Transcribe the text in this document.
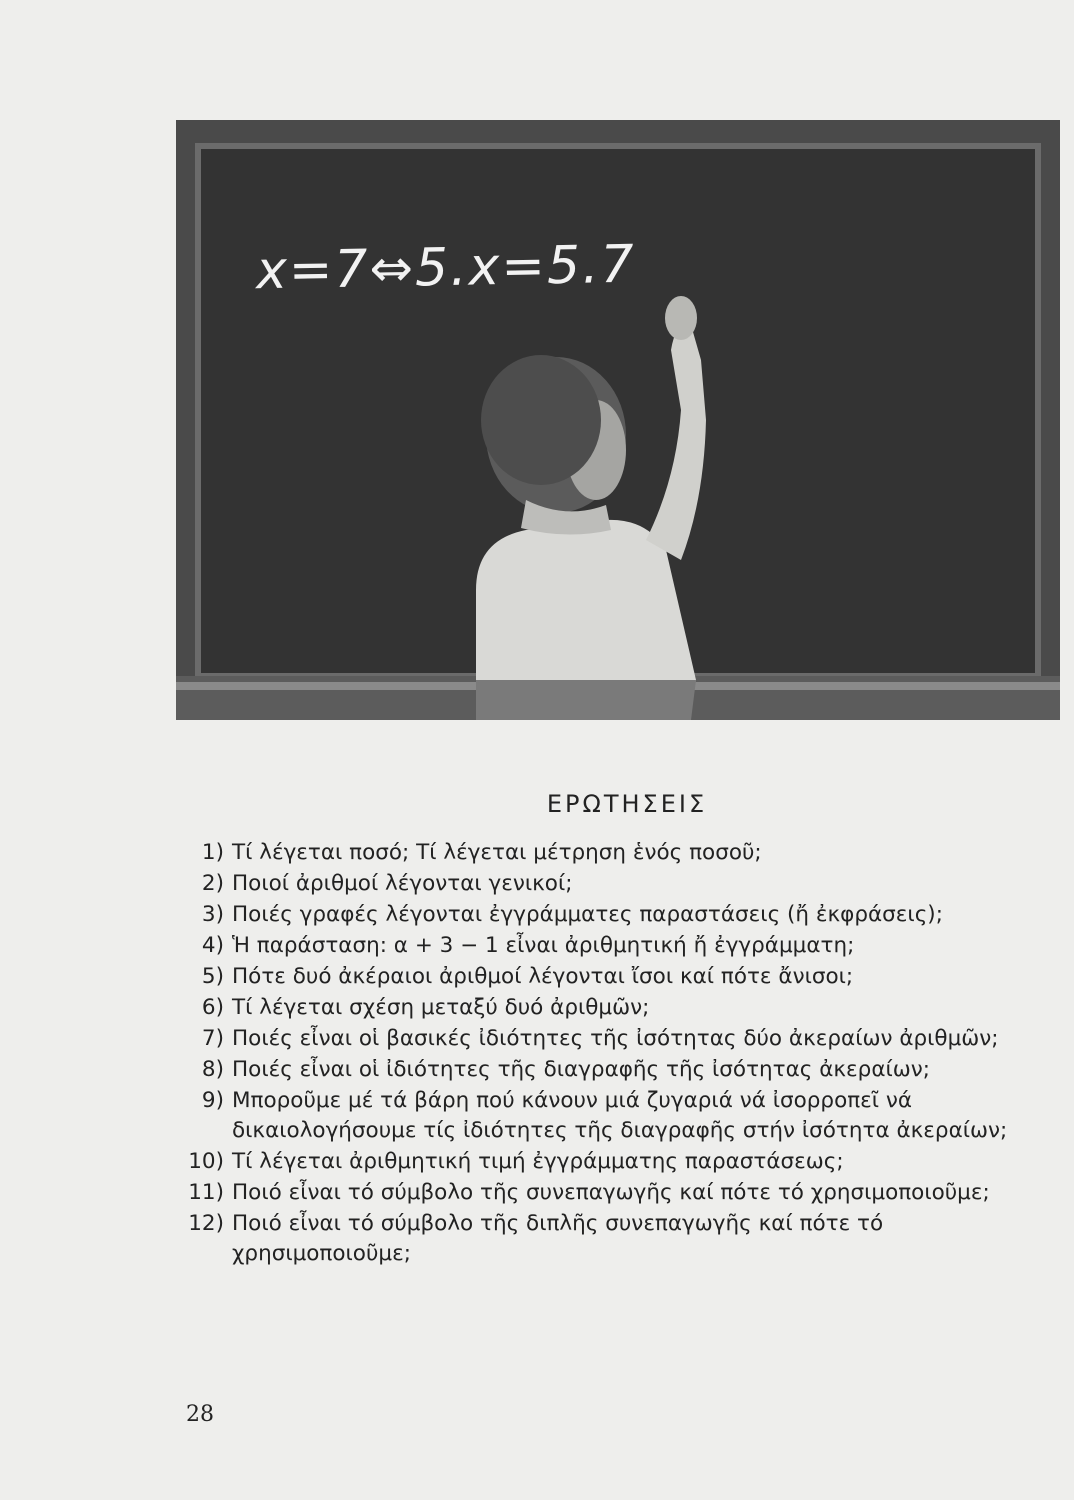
x=7⇔5.x=5.7
ΕΡΩΤΗΣΕΙΣ
1) Τί λέγεται ποσό; Τί λέγεται μέτρηση ἑνός ποσοῦ;
2) Ποιοί ἀριθμοί λέγονται γενικοί;
3) Ποιές γραφές λέγονται ἐγγράμματες παραστάσεις (ἤ ἐκφράσεις);
4) Ἡ παράσταση: α + 3 − 1 εἶναι ἀριθμητική ἤ ἐγγράμματη;
5) Πότε δυό ἀκέραιοι ἀριθμοί λέγονται ἴσοι καί πότε ἄνισοι;
6) Τί λέγεται σχέση μεταξύ δυό ἀριθμῶν;
7) Ποιές εἶναι οἱ βασικές ἰδιότητες τῆς ἰσότητας δύο ἀκεραίων ἀριθμῶν;
8) Ποιές εἶναι οἱ ἰδιότητες τῆς διαγραφῆς τῆς ἰσότητας ἀκεραίων;
9) Μποροῦμε μέ τά βάρη πού κάνουν μιά ζυγαριά νά ἰσορροπεῖ νά δικαιολογήσουμε τίς ἰδιότητες τῆς διαγραφῆς στήν ἰσότητα ἀκεραίων;
10) Τί λέγεται ἀριθμητική τιμή ἐγγράμματης παραστάσεως;
11) Ποιό εἶναι τό σύμβολο τῆς συνεπαγωγῆς καί πότε τό χρησιμοποιοῦμε;
12) Ποιό εἶναι τό σύμβολο τῆς διπλῆς συνεπαγωγῆς καί πότε τό χρησιμοποιοῦμε;
28
